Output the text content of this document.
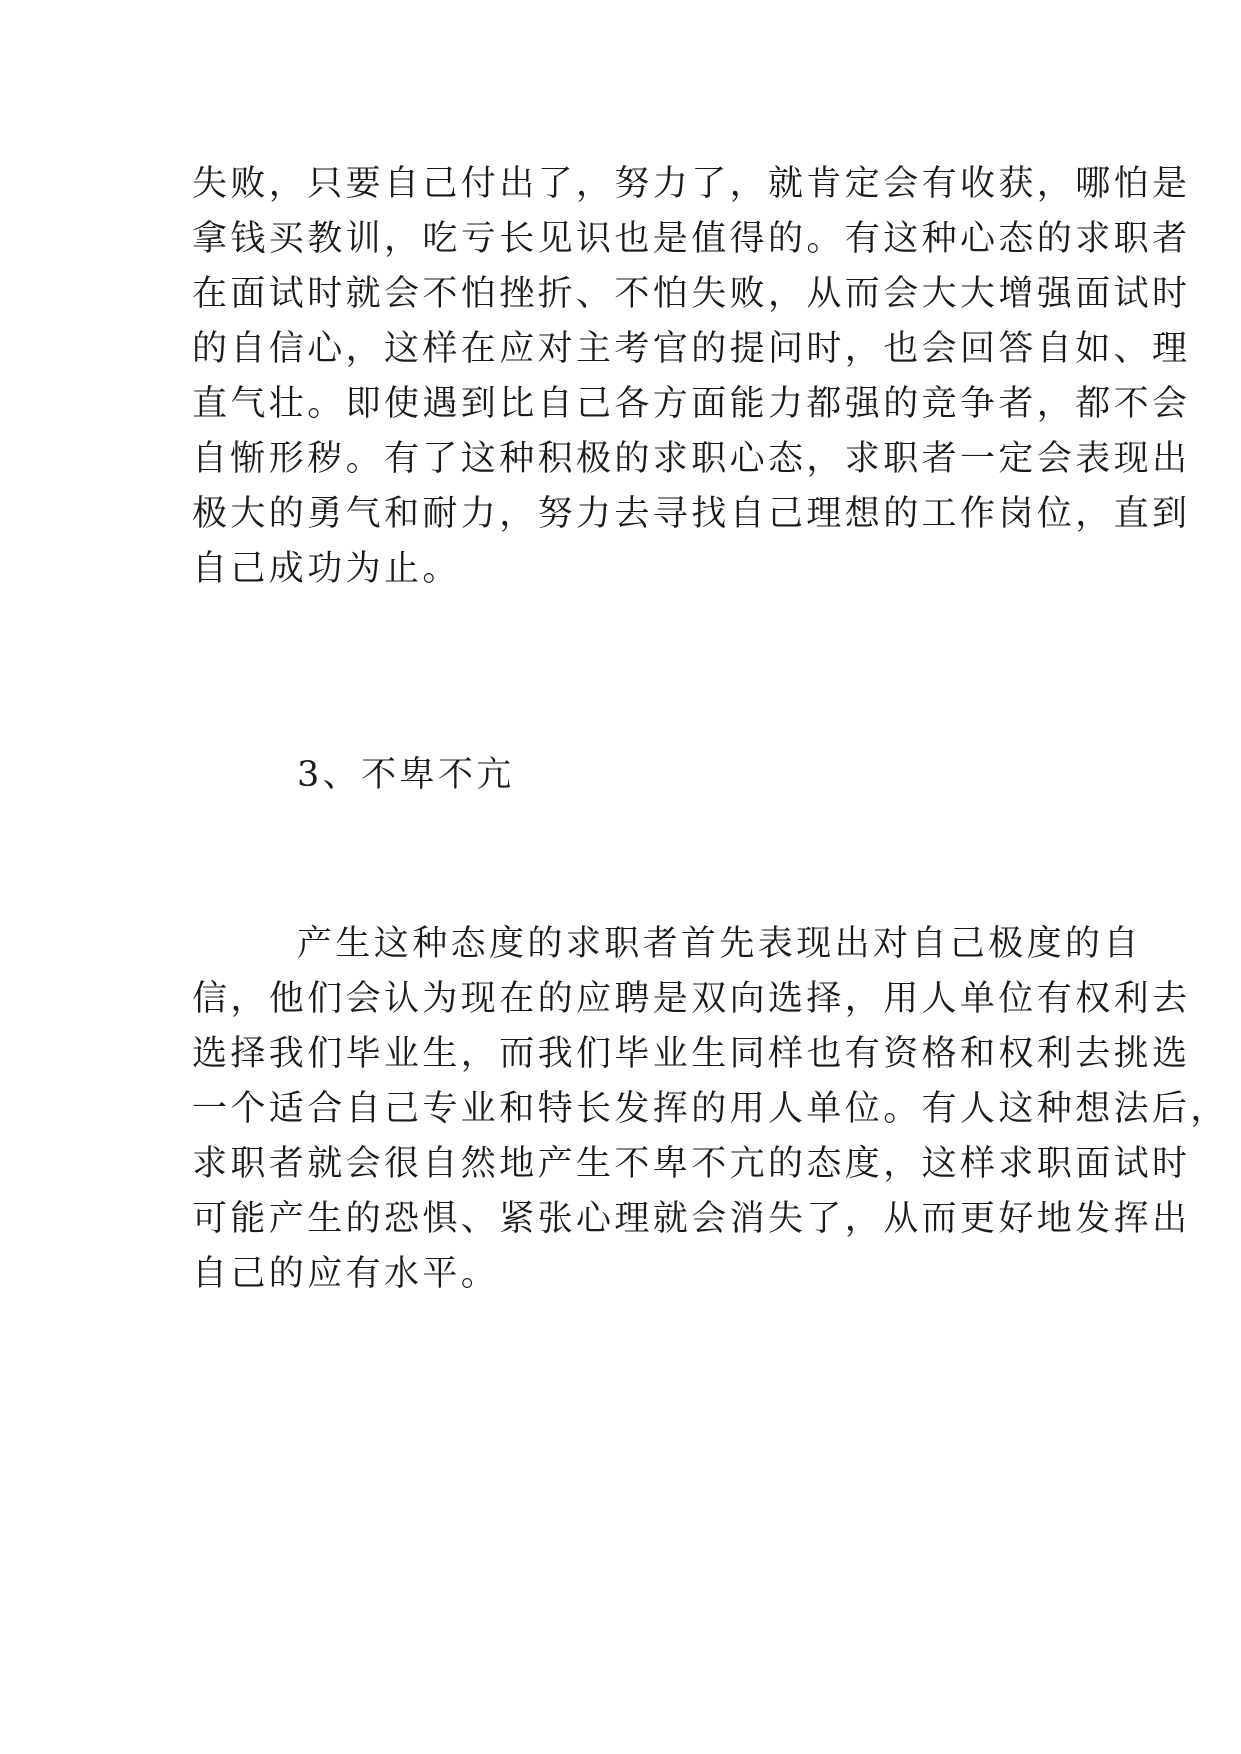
失败，只要自己付出了，努力了，就肯定会有收获，哪怕是
拿钱买教训，吃亏长见识也是值得的。有这种心态的求职者
在面试时就会不怕挫折、不怕失败，从而会大大增强面试时
的自信心，这样在应对主考官的提问时，也会回答自如、理
直气壮。即使遇到比自己各方面能力都强的竞争者，都不会
自惭形秽。有了这种积极的求职心态，求职者一定会表现出
极大的勇气和耐力，努力去寻找自己理想的工作岗位，直到
自己成功为止。
3、不卑不亢
产生这种态度的求职者首先表现出对自己极度的自
信，他们会认为现在的应聘是双向选择，用人单位有权利去
选择我们毕业生，而我们毕业生同样也有资格和权利去挑选
一个适合自己专业和特长发挥的用人单位。有人这种想法后，
求职者就会很自然地产生不卑不亢的态度，这样求职面试时
可能产生的恐惧、紧张心理就会消失了，从而更好地发挥出
自己的应有水平。
